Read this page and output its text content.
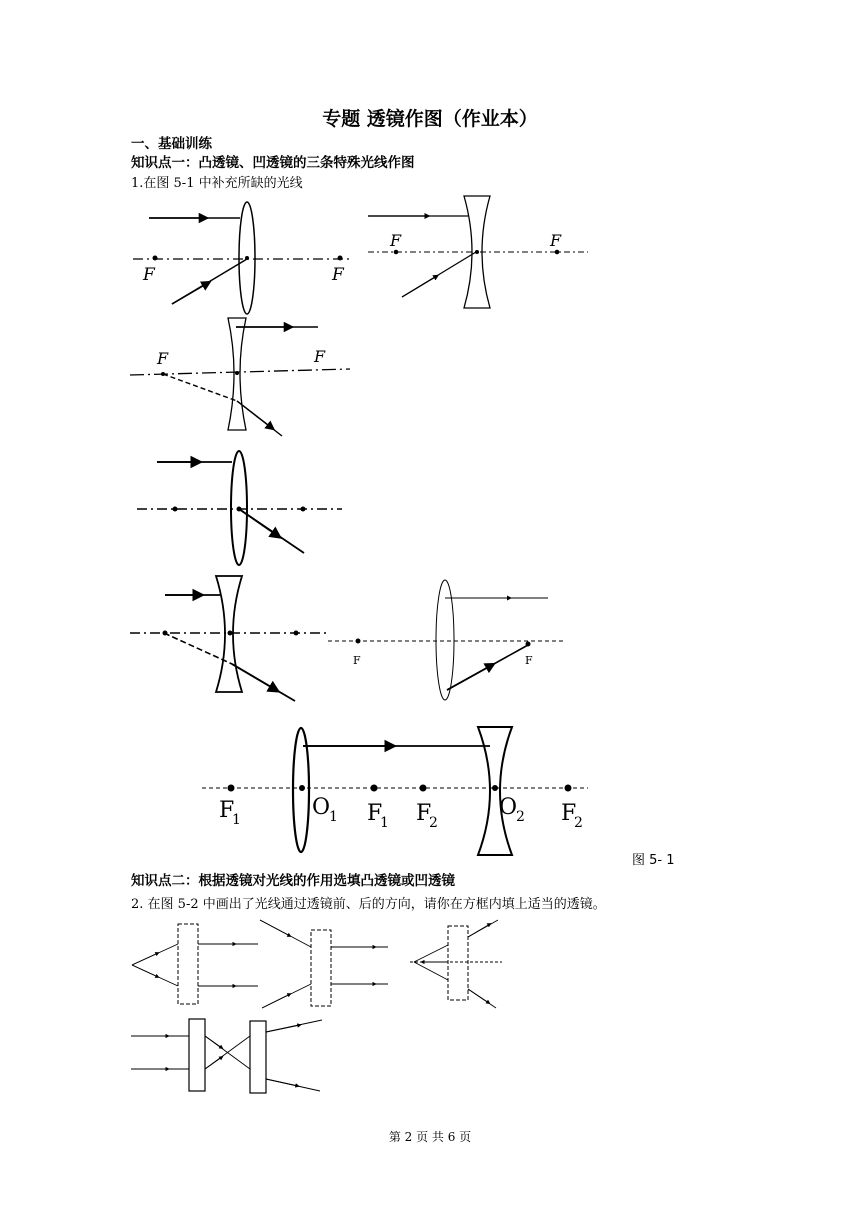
专题 透镜作图（作业本）
一、基础训练
知识点一：凸透镜、凹透镜的三条特殊光线作图
1.在图 5-1 中补充所缺的光线
F	F
F	F
F	F
F	F
F
1	O
1 F
1 F
2
O
2 F
2
图 5- 1
知识点二：根据透镜对光线的作用选填凸透镜或凹透镜
2. 在图 5-2 中画出了光线通过透镜前、后的方向，请你在方框内填上适当的透镜。
第 2 页 共 6 页
